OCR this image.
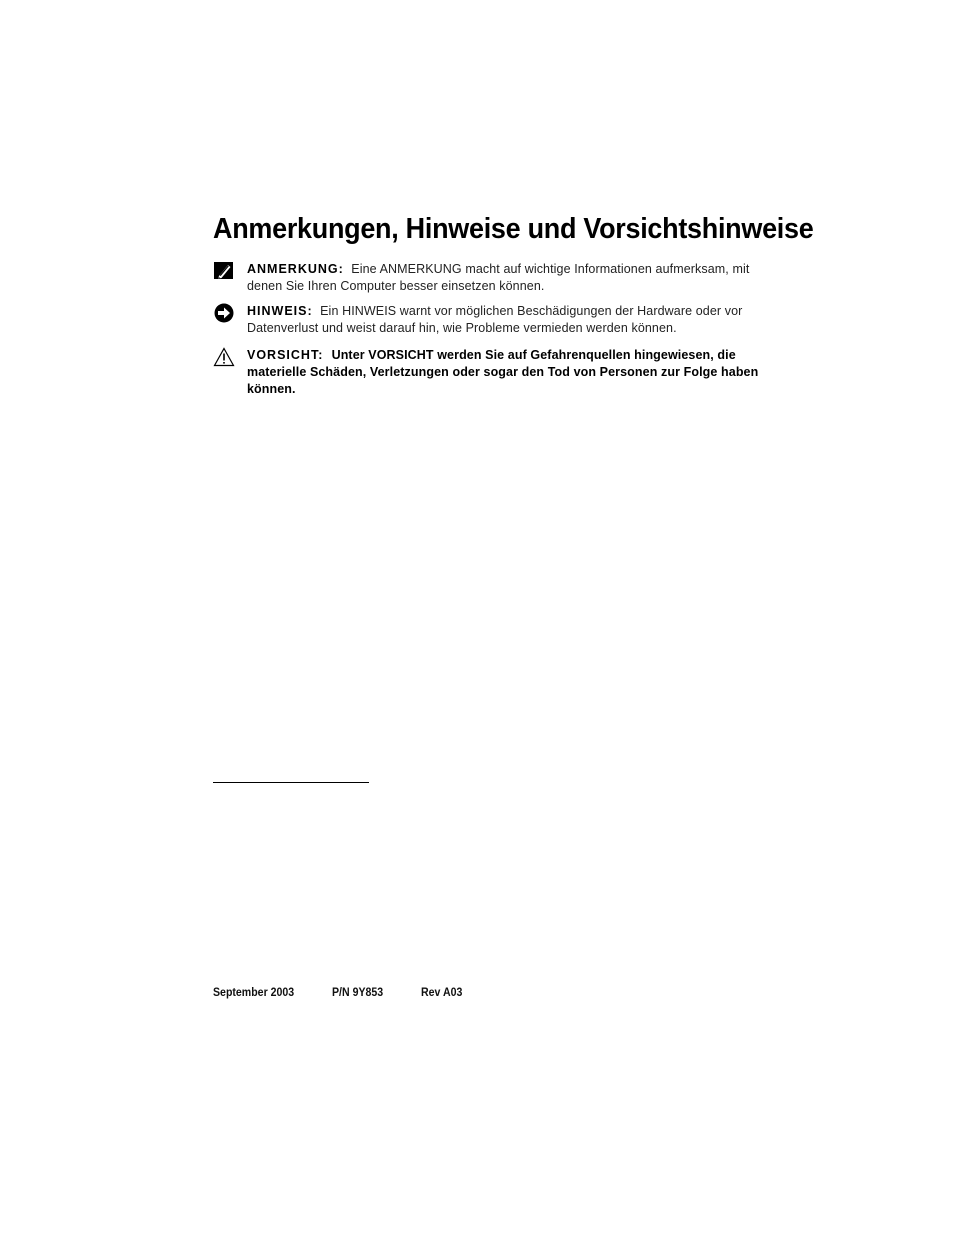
Anmerkungen, Hinweise und Vorsichtshinweise
ANMERKUNG: Eine ANMERKUNG macht auf wichtige Informationen aufmerksam, mit denen Sie Ihren Computer besser einsetzen können.
HINWEIS: Ein HINWEIS warnt vor möglichen Beschädigungen der Hardware oder vor Datenverlust und weist darauf hin, wie Probleme vermieden werden können.
VORSICHT: Unter VORSICHT werden Sie auf Gefahrenquellen hingewiesen, die materielle Schäden, Verletzungen oder sogar den Tod von Personen zur Folge haben können.
September 2003	P/N 9Y853	Rev A03
